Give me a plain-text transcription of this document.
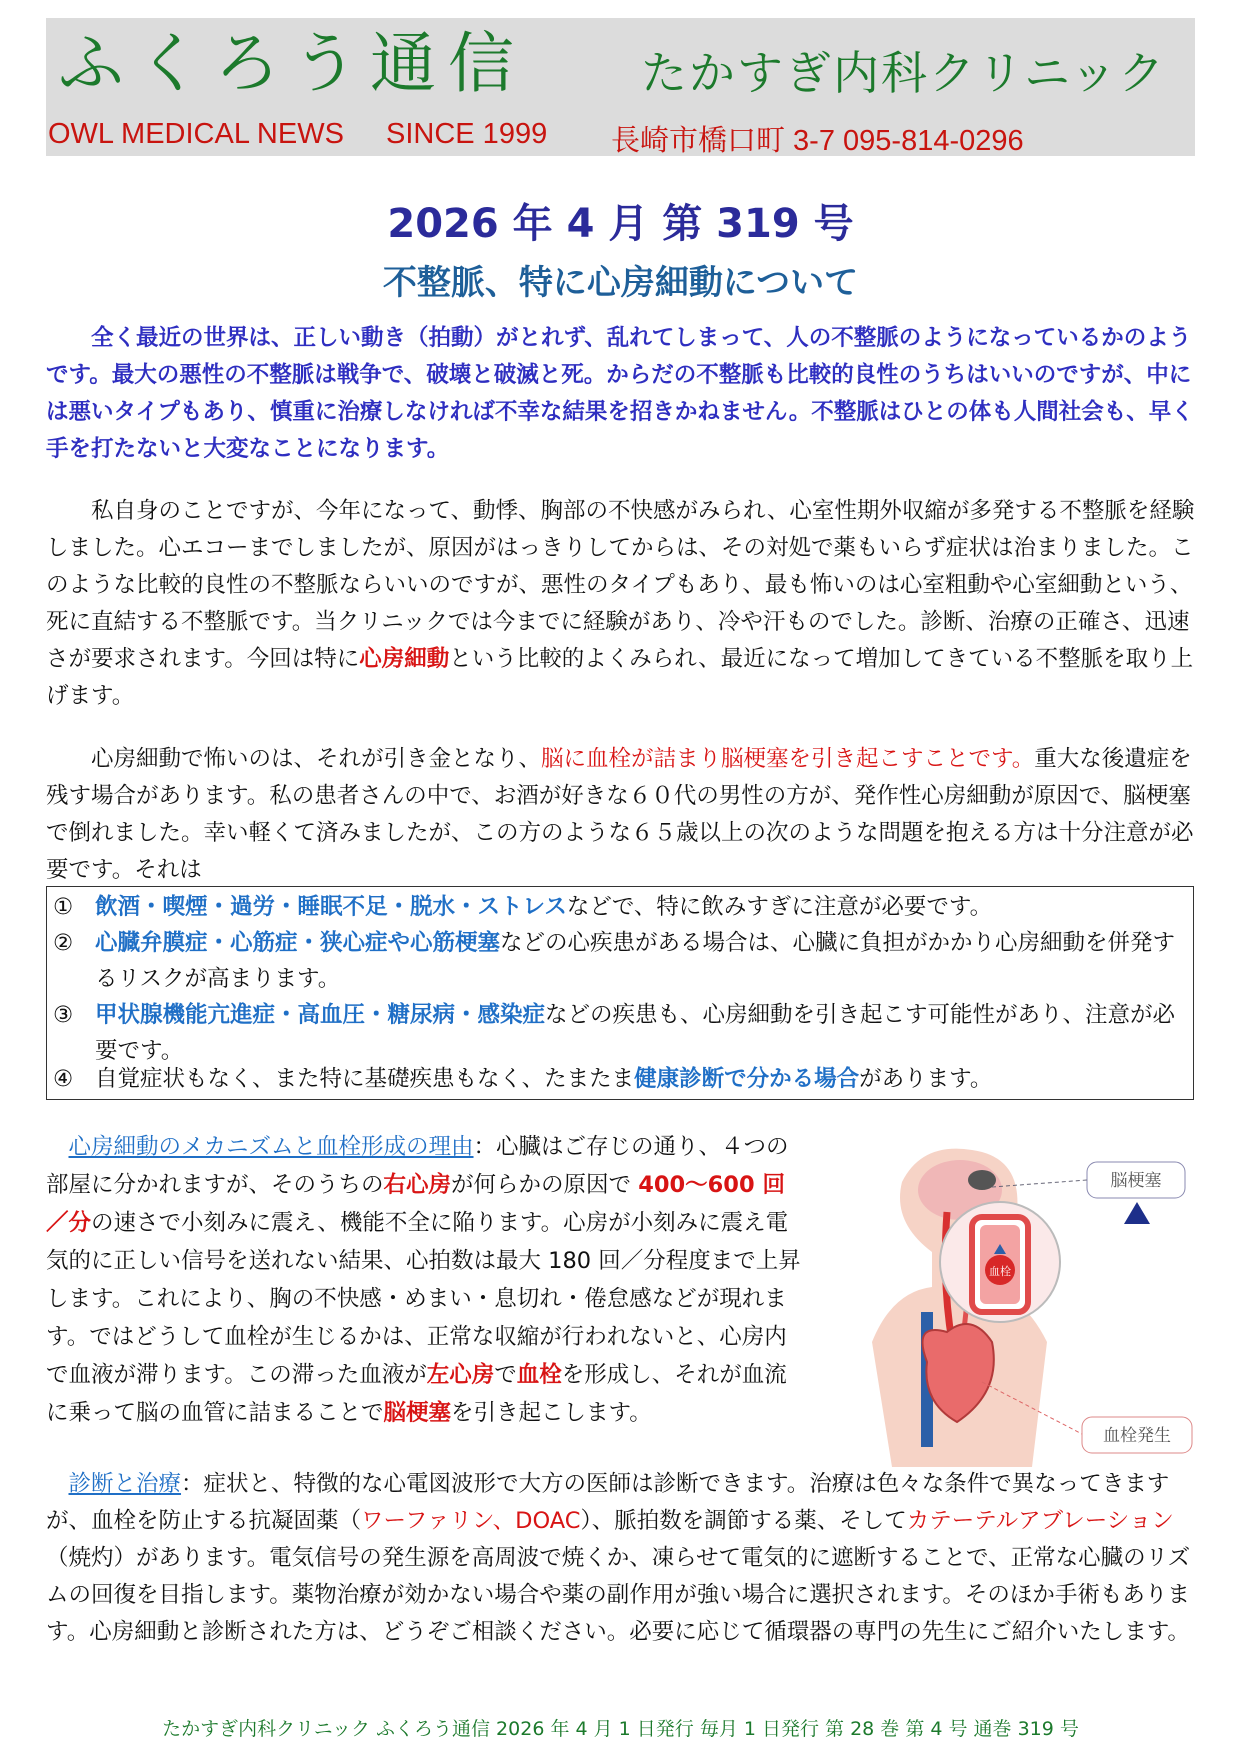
ふくろう通信	たかすぎ内科クリニック
OWL MEDICAL NEWS SINCE 1999 長崎市橋口町 3-7 095-814-0296
2026 年 4 月 第 319 号
不整脈、特に心房細動について

全く最近の世界は、正しい動き（拍動）がとれず、乱れてしまって、人の不整脈のようになっているかのようです。最大の悪性の不整脈は戦争で、破壊と破滅と死。からだの不整脈も比較的良性のうちはいいのですが、中には悪いタイプもあり、慎重に治療しなければ不幸な結果を招きかねません。不整脈はひとの体も人間社会も、早く手を打たないと大変なことになります。

私自身のことですが、今年になって、動悸、胸部の不快感がみられ、心室性期外収縮が多発する不整脈を経験しました。心エコーまでしましたが、原因がはっきりしてからは、その対処で薬もいらず症状は治まりました。このような比較的良性の不整脈ならいいのですが、悪性のタイプもあり、最も怖いのは心室粗動や心室細動という、死に直結する不整脈です。当クリニックでは今までに経験があり、冷や汗ものでした。診断、治療の正確さ、迅速さが要求されます。今回は特に心房細動という比較的よくみられ、最近になって増加してきている不整脈を取り上げます。

心房細動で怖いのは、それが引き金となり、脳に血栓が詰まり脳梗塞を引き起こすことです。重大な後遺症を残す場合があります。私の患者さんの中で、お酒が好きな６０代の男性の方が、発作性心房細動が原因で、脳梗塞で倒れました。幸い軽くて済みましたが、この方のような６５歳以上の次のような問題を抱える方は十分注意が必要です。それは

① 飲酒・喫煙・過労・睡眠不足・脱水・ストレスなどで、特に飲みすぎに注意が必要です。
② 心臓弁膜症・心筋症・狭心症や心筋梗塞などの心疾患がある場合は、心臓に負担がかかり心房細動を併発するリスクが高まります。
③ 甲状腺機能亢進症・高血圧・糖尿病・感染症などの疾患も、心房細動を引き起こす可能性があり、注意が必要です。
④ 自覚症状もなく、また特に基礎疾患もなく、たまたま健康診断で分かる場合があります。

心房細動のメカニズムと血栓形成の理由：心臓はご存じの通り、４つの部屋に分かれますが、そのうちの右心房が何らかの原因で 400～600 回／分の速さで小刻みに震え、機能不全に陥ります。心房が小刻みに震え電気的に正しい信号を送れない結果、心拍数は最大 180 回／分程度まで上昇します。これにより、胸の不快感・めまい・息切れ・倦怠感などが現れます。ではどうして血栓が生じるかは、正常な収縮が行われないと、心房内で血液が滞ります。この滞った血液が左心房で血栓を形成し、それが血流に乗って脳の血管に詰まることで脳梗塞を引き起こします。

血栓
脳梗塞
血栓発生

診断と治療：症状と、特徴的な心電図波形で大方の医師は診断できます。治療は色々な条件で異なってきますが、血栓を防止する抗凝固薬（ワーファリン、DOAC）、脈拍数を調節する薬、そしてカテーテルアブレーション（焼灼）があります。電気信号の発生源を高周波で焼くか、凍らせて電気的に遮断することで、正常な心臓のリズムの回復を目指します。薬物治療が効かない場合や薬の副作用が強い場合に選択されます。そのほか手術もあります。心房細動と診断された方は、どうぞご相談ください。必要に応じて循環器の専門の先生にご紹介いたします。

たかすぎ内科クリニック ふくろう通信 2026 年 4 月 1 日発行 毎月 1 日発行 第 28 巻 第 4 号 通巻 319 号
